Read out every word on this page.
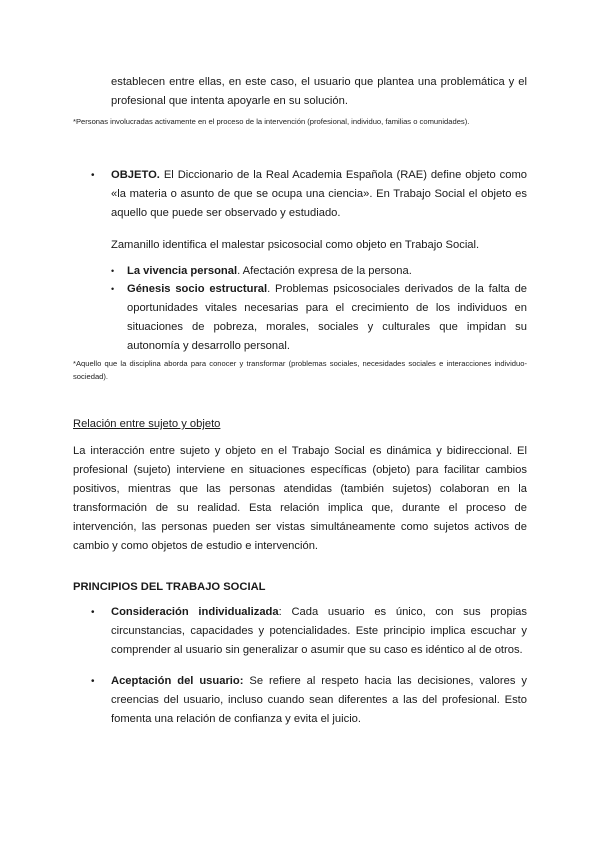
establecen entre ellas, en este caso, el usuario que plantea una problemática y el profesional que intenta apoyarle en su solución.

*Personas involucradas activamente en el proceso de la intervención (profesional, individuo, familias o comunidades).

• OBJETO. El Diccionario de la Real Academia Española (RAE) define objeto como «la materia o asunto de que se ocupa una ciencia». En Trabajo Social el objeto es aquello que puede ser observado y estudiado.

Zamanillo identifica el malestar psicosocial como objeto en Trabajo Social.

• La vivencia personal. Afectación expresa de la persona.

• Génesis socio estructural. Problemas psicosociales derivados de la falta de oportunidades vitales necesarias para el crecimiento de los individuos en situaciones de pobreza, morales, sociales y culturales que impidan su autonomía y desarrollo personal.

*Aquello que la disciplina aborda para conocer y transformar (problemas sociales, necesidades sociales e interacciones individuo-sociedad).

Relación entre sujeto y objeto

La interacción entre sujeto y objeto en el Trabajo Social es dinámica y bidireccional. El profesional (sujeto) interviene en situaciones específicas (objeto) para facilitar cambios positivos, mientras que las personas atendidas (también sujetos) colaboran en la transformación de su realidad. Esta relación implica que, durante el proceso de intervención, las personas pueden ser vistas simultáneamente como sujetos activos de cambio y como objetos de estudio e intervención.

PRINCIPIOS DEL TRABAJO SOCIAL

• Consideración individualizada: Cada usuario es único, con sus propias circunstancias, capacidades y potencialidades. Este principio implica escuchar y comprender al usuario sin generalizar o asumir que su caso es idéntico al de otros.

• Aceptación del usuario: Se refiere al respeto hacia las decisiones, valores y creencias del usuario, incluso cuando sean diferentes a las del profesional. Esto fomenta una relación de confianza y evita el juicio.
